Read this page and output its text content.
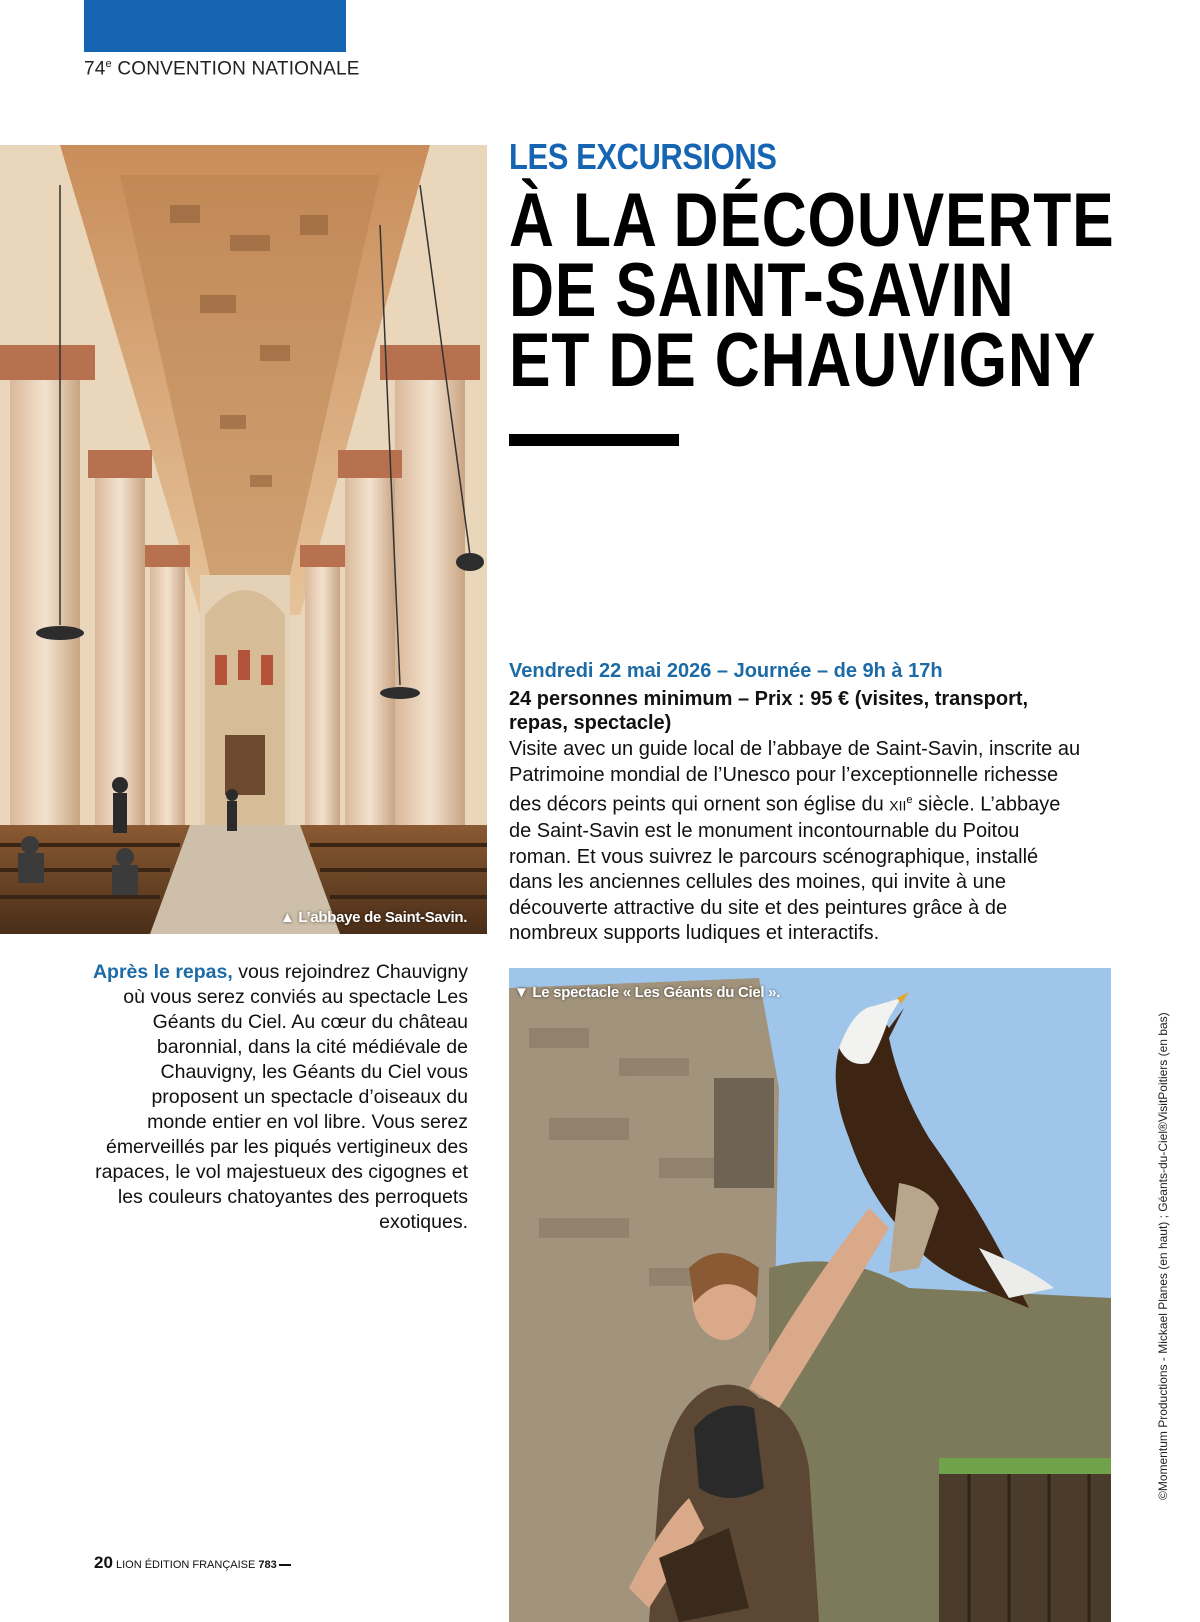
74e CONVENTION NATIONALE
▲ L’abbaye de Saint-Savin.
LES EXCURSIONS
À LA DÉCOUVERTE
DE SAINT-SAVIN
ET DE CHAUVIGNY
Vendredi 22 mai 2026 – Journée – de 9h à 17h
24 personnes minimum – Prix : 95 € (visites, transport, repas, spectacle)
Visite avec un guide local de l’abbaye de Saint-Savin, inscrite au Patrimoine mondial de l’Unesco pour l’exceptionnelle richesse des décors peints qui ornent son église du XIIe siècle. L’abbaye de Saint-Savin est le monument incontournable du Poitou roman. Et vous suivrez le parcours scénographique, installé dans les anciennes cellules des moines, qui invite à une découverte attractive du site et des peintures grâce à de nombreux supports ludiques et interactifs.
Après le repas, vous rejoindrez Chauvigny où vous serez conviés au spectacle Les Géants du Ciel. Au cœur du château baronnial, dans la cité médiévale de Chauvigny, les Géants du Ciel vous proposent un spectacle d’oiseaux du monde entier en vol libre. Vous serez émerveillés par les piqués vertigineux des rapaces, le vol majestueux des cigognes et les couleurs chatoyantes des perroquets exotiques.
▼ Le spectacle « Les Géants du Ciel ».
©Momentum Productions - Mickael Planes (en haut) ; Géants-du-Ciel®VisitPoitiers (en bas)
20 LION ÉDITION FRANÇAISE 783
